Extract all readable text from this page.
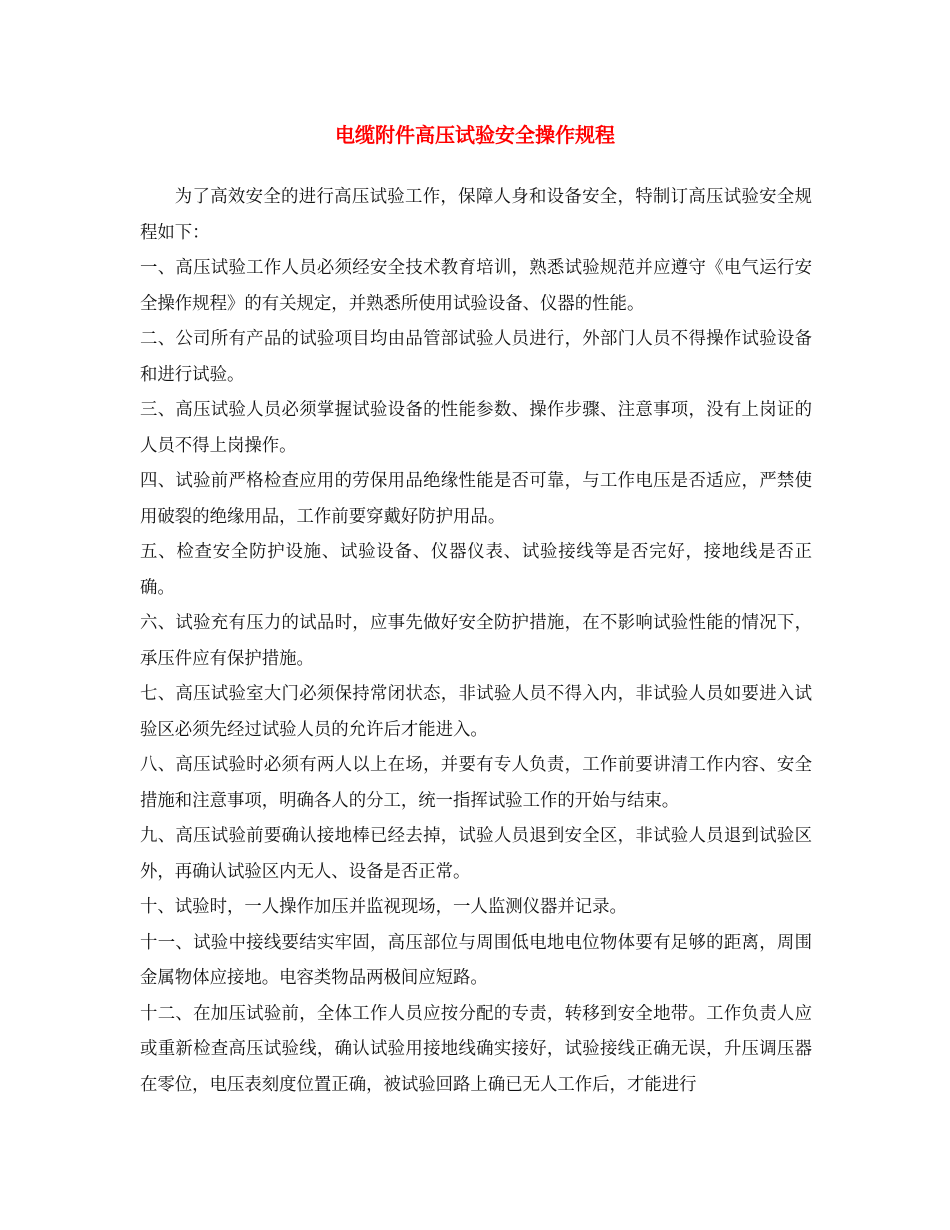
电缆附件高压试验安全操作规程

为了高效安全的进行高压试验工作，保障人身和设备安全，特制订高压试验安全规程如下：

一、高压试验工作人员必须经安全技术教育培训，熟悉试验规范并应遵守《电气运行安全操作规程》的有关规定，并熟悉所使用试验设备、仪器的性能。

二、公司所有产品的试验项目均由品管部试验人员进行，外部门人员不得操作试验设备和进行试验。

三、高压试验人员必须掌握试验设备的性能参数、操作步骤、注意事项，没有上岗证的人员不得上岗操作。

四、试验前严格检查应用的劳保用品绝缘性能是否可靠，与工作电压是否适应，严禁使用破裂的绝缘用品，工作前要穿戴好防护用品。

五、检查安全防护设施、试验设备、仪器仪表、试验接线等是否完好，接地线是否正确。

六、试验充有压力的试品时，应事先做好安全防护措施，在不影响试验性能的情况下，承压件应有保护措施。

七、高压试验室大门必须保持常闭状态，非试验人员不得入内，非试验人员如要进入试验区必须先经过试验人员的允许后才能进入。

八、高压试验时必须有两人以上在场，并要有专人负责，工作前要讲清工作内容、安全措施和注意事项，明确各人的分工，统一指挥试验工作的开始与结束。

九、高压试验前要确认接地棒已经去掉，试验人员退到安全区，非试验人员退到试验区外，再确认试验区内无人、设备是否正常。

十、试验时，一人操作加压并监视现场，一人监测仪器并记录。

十一、试验中接线要结实牢固，高压部位与周围低电地电位物体要有足够的距离，周围金属物体应接地。电容类物品两极间应短路。

十二、在加压试验前，全体工作人员应按分配的专责，转移到安全地带。工作负责人应或重新检查高压试验线，确认试验用接地线确实接好，试验接线正确无误，升压调压器在零位，电压表刻度位置正确，被试验回路上确已无人工作后，才能进行
